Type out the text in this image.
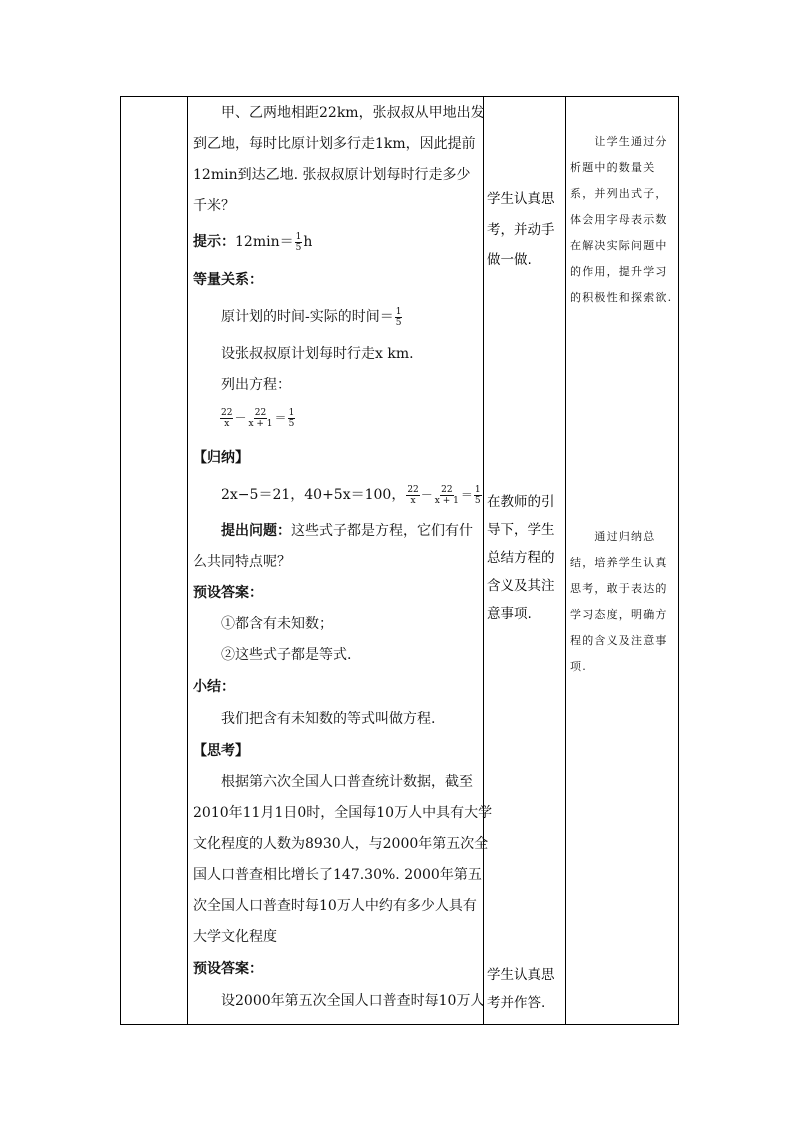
甲、乙两地相距22km，张叔叔从甲地出发
到乙地，每时比原计划多行走1km，因此提前
12min到达乙地. 张叔叔原计划每时行走多少
千米？
提示：$12\min= \frac{1}{5}$ h
等量关系：
原计划的时间-实际的时间＝ $\frac{1}{5}$
设张叔叔原计划每时行走x km.
列出方程：
$\frac{22}{x} - \frac{22}{x + 1} = \frac{1}{5}$
【归纳】
2x−5＝21，40+5x＝100， $\frac{22}{x} - \frac{22}{x + 1} = \frac{1}{5}$
提出问题：这些式子都是方程，它们有什
么共同特点呢？
预设答案：
①都含有未知数；
②这些式子都是等式.
小结：
我们把含有未知数的等式叫做方程.
【思考】
根据第六次全国人口普查统计数据，截至
2010年11月1日0时，全国每10万人中具有大学
文化程度的人数为8930人，与2000年第五次全
国人口普查相比增长了147.30%. 2000年第五
次全国人口普查时每10万人中约有多少人具有
大学文化程度
预设答案：
设2000年第五次全国人口普查时每10万人
学生认真思
考，并动手
做一做.
在教师的引
导下，学生
总结方程的
含义及其注
意事项.
学生认真思
考并作答.
　　让学生通过分析题中的数量关系，并列出式子，体会用字母表示数在解决实际问题中的作用，提升学习的积极性和探索欲.
　　通过归纳总结，培养学生认真思考，敢于表达的学习态度，明确方程的含义及注意事项.
